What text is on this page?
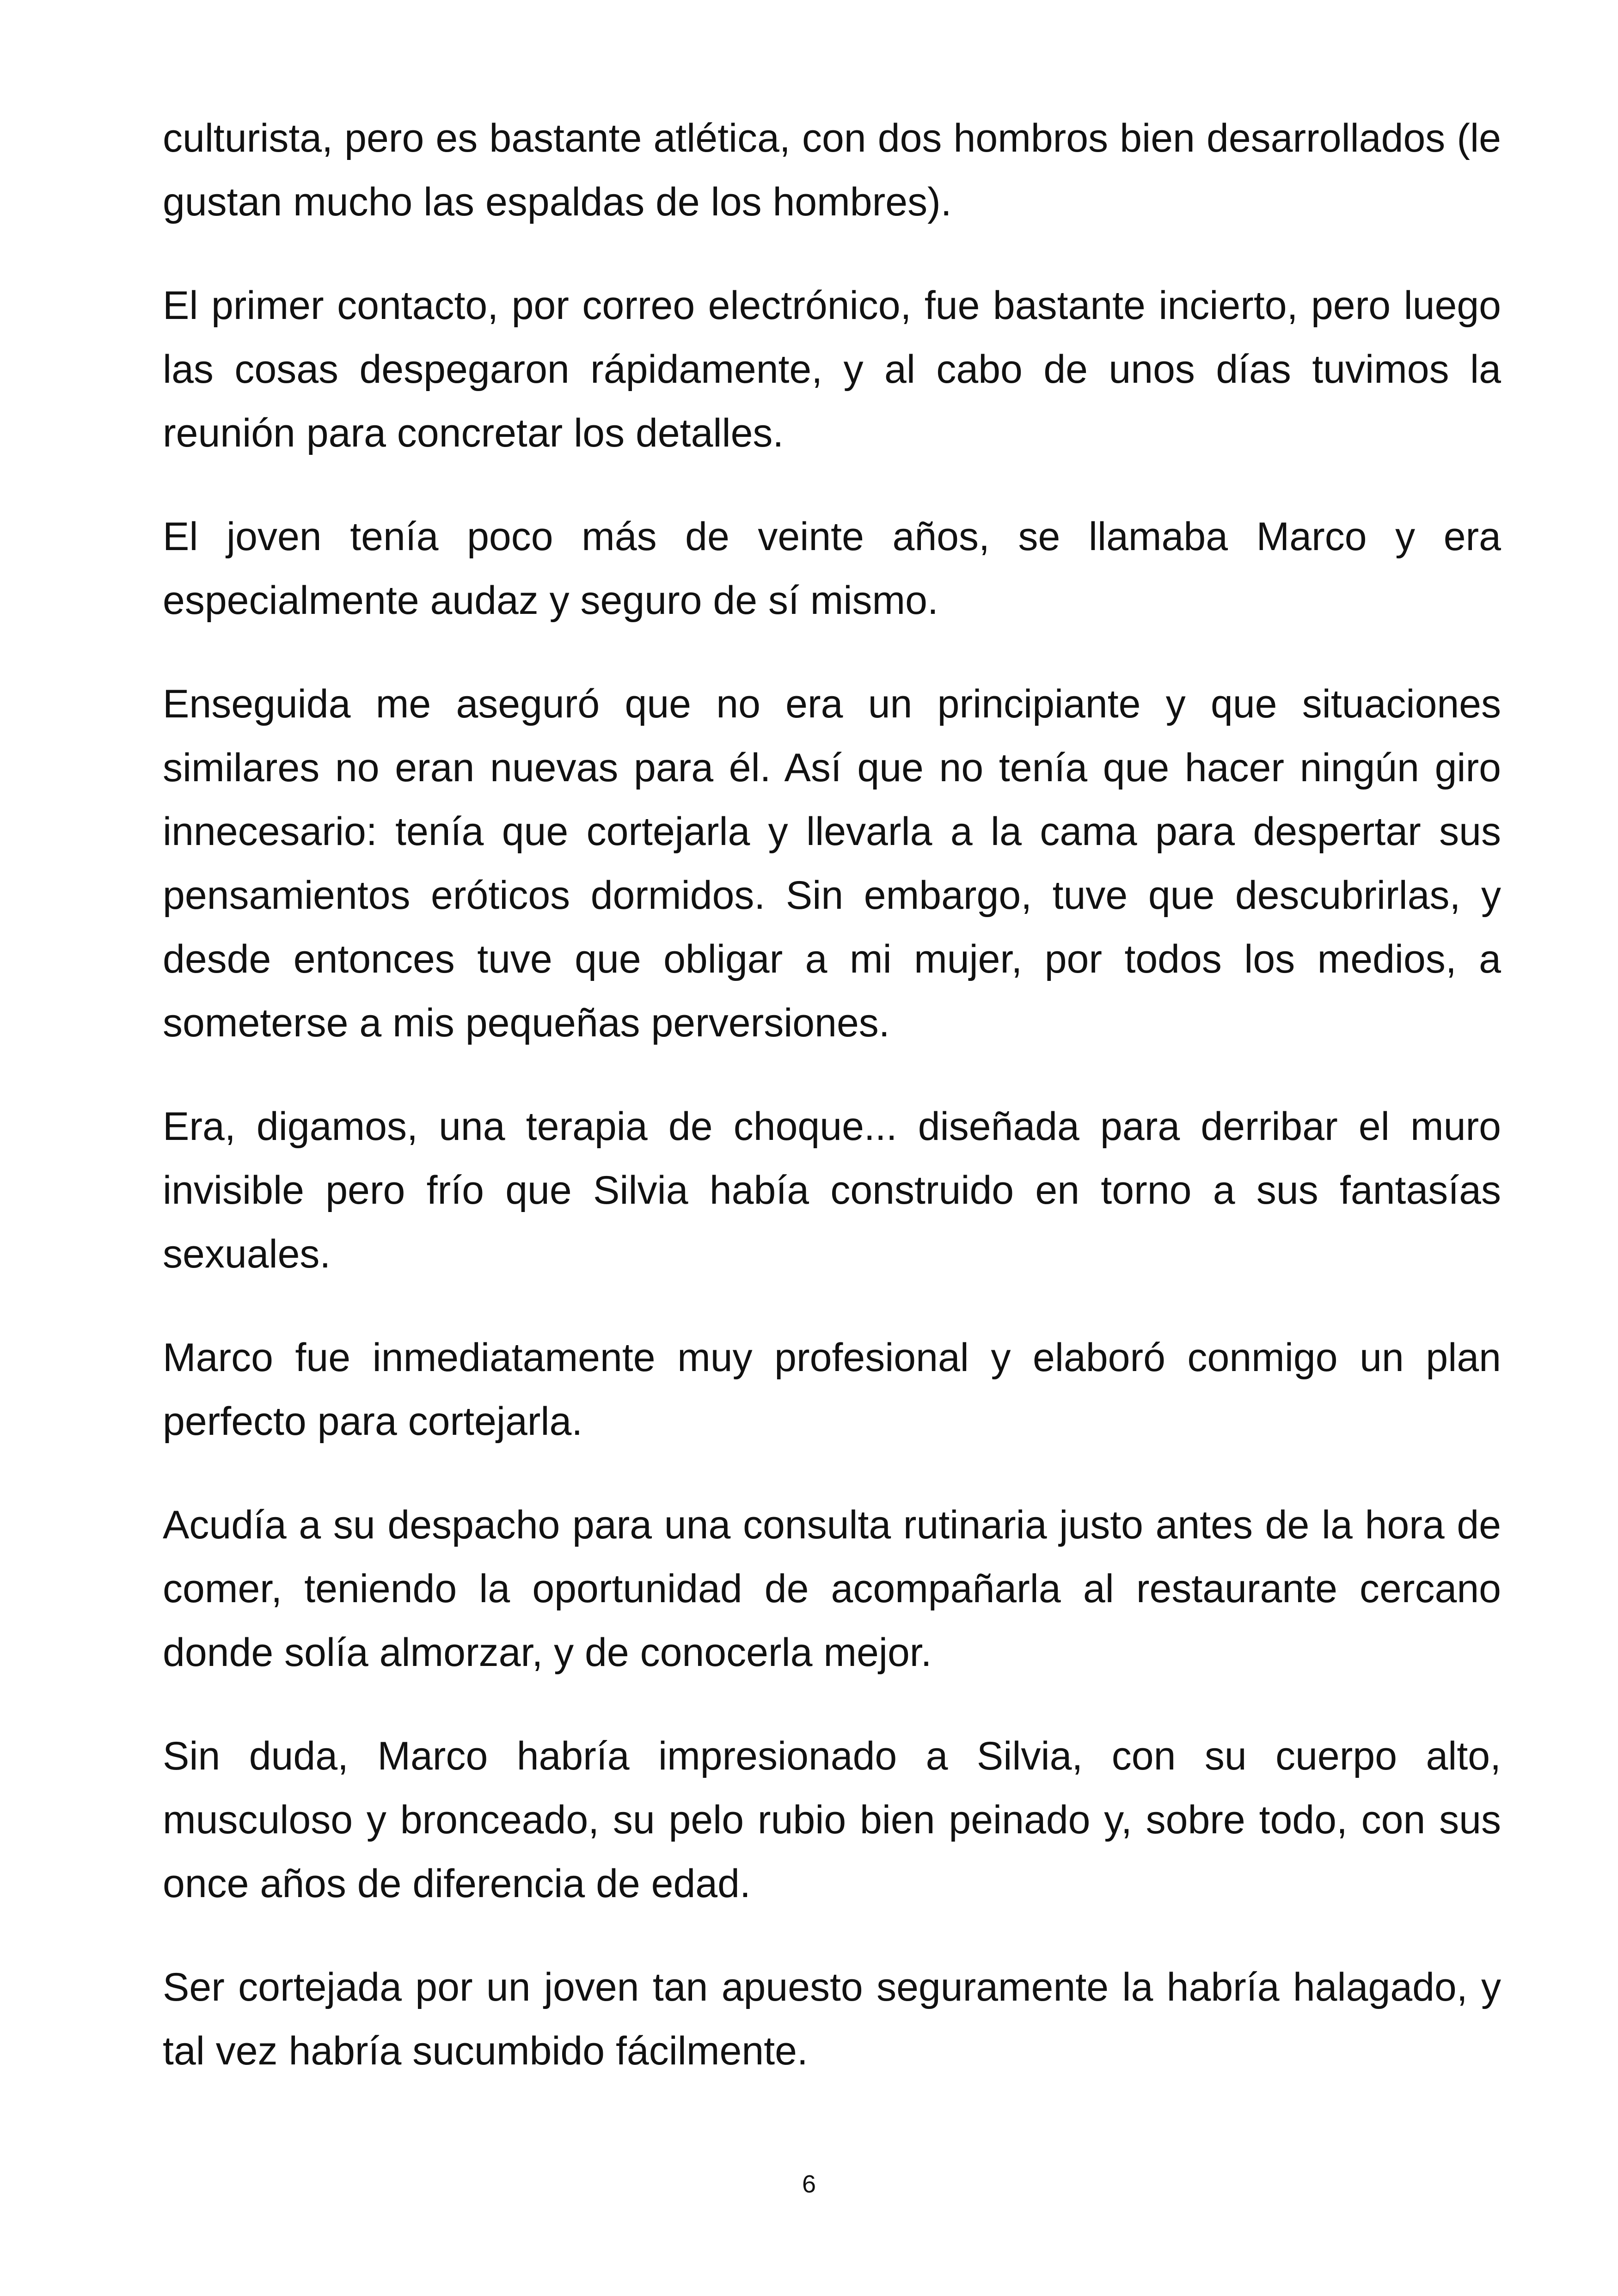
culturista, pero es bastante atlética, con dos hombros bien desarrollados (le gustan mucho las espaldas de los hombres).

El primer contacto, por correo electrónico, fue bastante incierto, pero luego las cosas despegaron rápidamente, y al cabo de unos días tuvimos la reunión para concretar los detalles.

El joven tenía poco más de veinte años, se llamaba Marco y era especialmente audaz y seguro de sí mismo.

Enseguida me aseguró que no era un principiante y que situaciones similares no eran nuevas para él. Así que no tenía que hacer ningún giro innecesario: tenía que cortejarla y llevarla a la cama para despertar sus pensamientos eróticos dormidos. Sin embargo, tuve que descubrirlas, y desde entonces tuve que obligar a mi mujer, por todos los medios, a someterse a mis pequeñas perversiones.

Era, digamos, una terapia de choque... diseñada para derribar el muro invisible pero frío que Silvia había construido en torno a sus fantasías sexuales.

Marco fue inmediatamente muy profesional y elaboró conmigo un plan perfecto para cortejarla.

Acudía a su despacho para una consulta rutinaria justo antes de la hora de comer, teniendo la oportunidad de acompañarla al restaurante cercano donde solía almorzar, y de conocerla mejor.

Sin duda, Marco habría impresionado a Silvia, con su cuerpo alto, musculoso y bronceado, su pelo rubio bien peinado y, sobre todo, con sus once años de diferencia de edad.

Ser cortejada por un joven tan apuesto seguramente la habría halagado, y tal vez habría sucumbido fácilmente.

6
